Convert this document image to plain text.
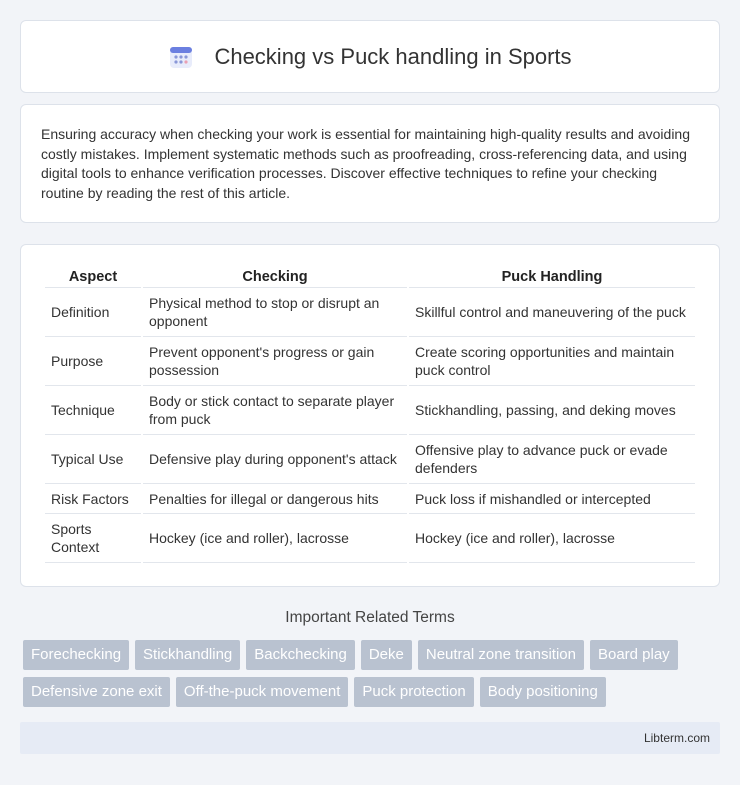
Checking vs Puck handling in Sports

Ensuring accuracy when checking your work is essential for maintaining high-quality results and avoiding costly mistakes. Implement systematic methods such as proofreading, cross-referencing data, and using digital tools to enhance verification processes. Discover effective techniques to refine your checking routine by reading the rest of this article.

Aspect	Checking	Puck Handling
Definition	Physical method to stop or disrupt an opponent	Skillful control and maneuvering of the puck
Purpose	Prevent opponent's progress or gain possession	Create scoring opportunities and maintain puck control
Technique	Body or stick contact to separate player from puck	Stickhandling, passing, and deking moves
Typical Use	Defensive play during opponent's attack	Offensive play to advance puck or evade defenders
Risk Factors	Penalties for illegal or dangerous hits	Puck loss if mishandled or intercepted
Sports Context	Hockey (ice and roller), lacrosse	Hockey (ice and roller), lacrosse
Important Related Terms
Forechecking	Stickhandling	Backchecking	Deke	Neutral zone transition	Board play
Defensive zone exit	Off-the-puck movement	Puck protection	Body positioning
Libterm.com
